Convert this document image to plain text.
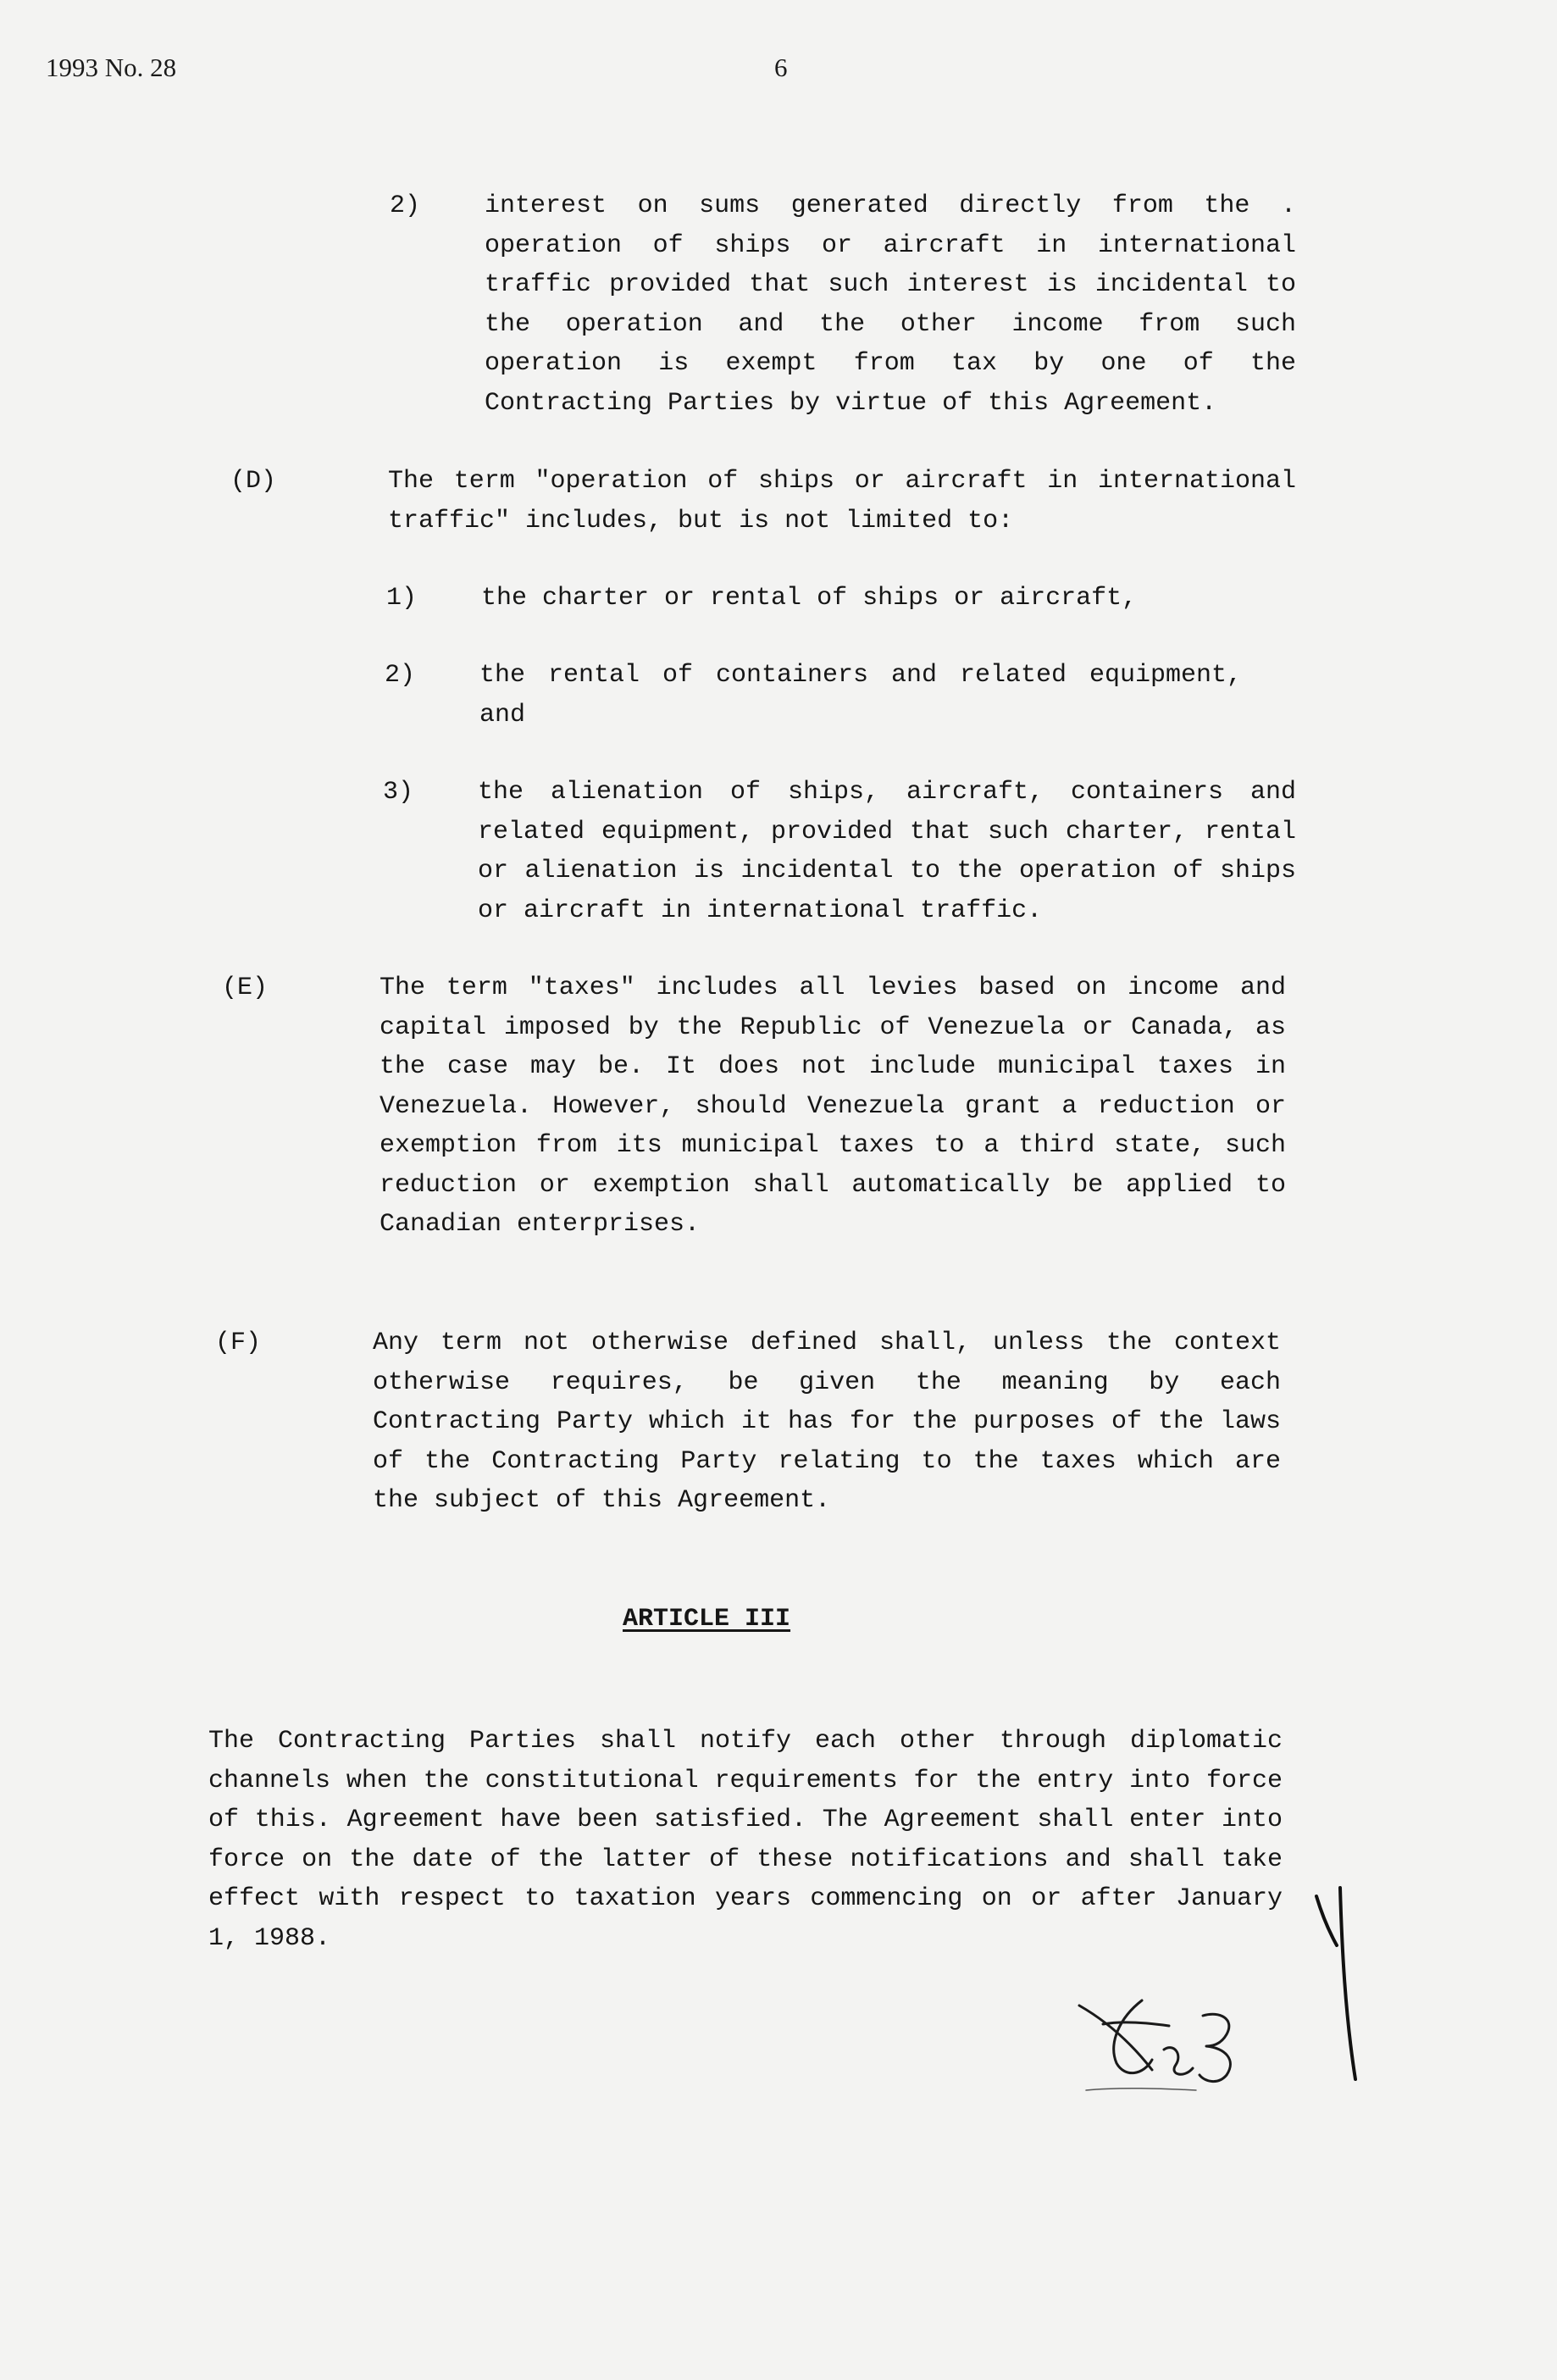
1993 No. 28	6
2)	interest on sums generated directly from the . operation of ships or aircraft in international traffic provided that such interest is incidental to the operation and the other income from such operation is exempt from tax by one of the Contracting Parties by virtue of this Agreement.
(D)	The term "operation of ships or aircraft in international traffic" includes, but is not limited to:
1)	the charter or rental of ships or aircraft,
2)	the rental of containers and related equipment, and
3)	the alienation of ships, aircraft, containers and related equipment, provided that such charter, rental or alienation is incidental to the operation of ships or aircraft in international traffic.
(E)	The term "taxes" includes all levies based on income and capital imposed by the Republic of Venezuela or Canada, as the case may be. It does not include municipal taxes in Venezuela. However, should Venezuela grant a reduction or exemption from its municipal taxes to a third state, such reduction or exemption shall automatically be applied to Canadian enterprises.
(F)	Any term not otherwise defined shall, unless the context otherwise requires, be given the meaning by each Contracting Party which it has for the purposes of the laws of the Contracting Party relating to the taxes which are the subject of this Agreement.
ARTICLE III
The Contracting Parties shall notify each other through diplomatic channels when the constitutional requirements for the entry into force of this. Agreement have been satisfied. The Agreement shall enter into force on the date of the latter of these notifications and shall take effect with respect to taxation years commencing on or after January 1, 1988.
